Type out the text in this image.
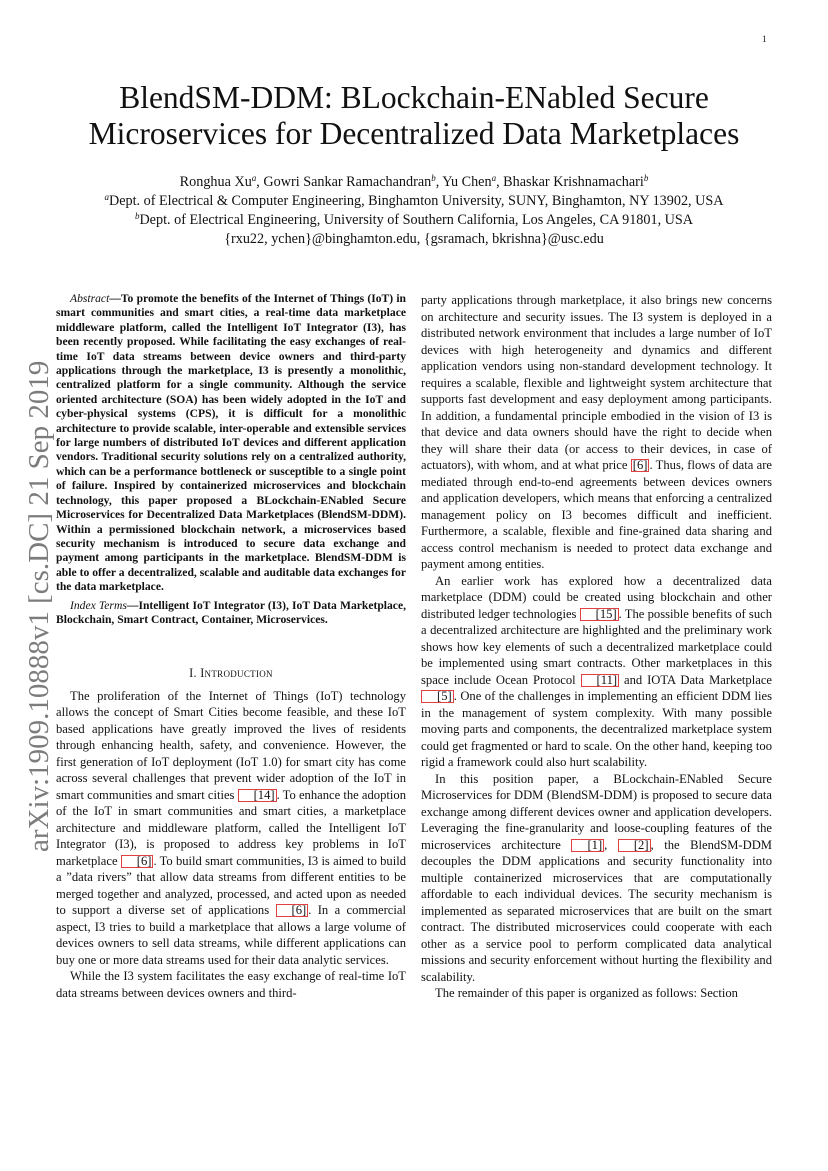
1
arXiv:1909.10888v1 [cs.DC] 21 Sep 2019
BlendSM-DDM: BLockchain-ENabled Secure
Microservices for Decentralized Data Marketplaces
Ronghua Xu$^a$, Gowri Sankar Ramachandran$^b$, Yu Chen$^a$, Bhaskar Krishnamachari$^b$
$^a$Dept. of Electrical & Computer Engineering, Binghamton University, SUNY, Binghamton, NY 13902, USA
$^b$Dept. of Electrical Engineering, University of Southern California, Los Angeles, CA 91801, USA
{rxu22, ychen}@binghamton.edu, {gsramach, bkrishna}@usc.edu

Abstract—To promote the benefits of the Internet of Things (IoT) in smart communities and smart cities, a real-time data marketplace middleware platform, called the Intelligent IoT Integrator (I3), has been recently proposed. While facilitating the easy exchanges of real-time IoT data streams between device owners and third-party applications through the marketplace, I3 is presently a monolithic, centralized platform for a single community. Although the service oriented architecture (SOA) has been widely adopted in the IoT and cyber-physical systems (CPS), it is difficult for a monolithic architecture to provide scalable, inter-operable and extensible services for large numbers of distributed IoT devices and different application vendors. Traditional security solutions rely on a centralized authority, which can be a performance bottleneck or susceptible to a single point of failure. Inspired by containerized microservices and blockchain technology, this paper proposed a BLockchain-ENabled Secure Microservices for Decentralized Data Marketplaces (BlendSM-DDM). Within a permissioned blockchain network, a microservices based security mechanism is introduced to secure data exchange and payment among participants in the marketplace. BlendSM-DDM is able to offer a decentralized, scalable and auditable data exchanges for the data marketplace.

Index Terms—Intelligent IoT Integrator (I3), IoT Data Marketplace, Blockchain, Smart Contract, Container, Microservices.

I. Introduction

The proliferation of the Internet of Things (IoT) technology allows the concept of Smart Cities become feasible, and these IoT based applications have greatly improved the lives of residents through enhancing health, safety, and convenience. However, the first generation of IoT deployment (IoT 1.0) for smart city has come across several challenges that prevent wider adoption of the IoT in smart communities and smart cities [14] . To enhance the adoption of the IoT in smart communities and smart cities, a marketplace architecture and middleware platform, called the Intelligent IoT Integrator (I3), is proposed to address key problems in IoT marketplace [6] . To build smart communities, I3 is aimed to build a ”data rivers” that allow data streams from different entities to be merged together and analyzed, processed, and acted upon as needed to support a diverse set of applications [6] . In a commercial aspect, I3 tries to build a marketplace that allows a large volume of devices owners to sell data streams, while different applications can buy one or more data streams used for their data analytic services.

While the I3 system facilitates the easy exchange of real-time IoT data streams between devices owners and third-

party applications through marketplace, it also brings new concerns on architecture and security issues. The I3 system is deployed in a distributed network environment that includes a large number of IoT devices with high heterogeneity and dynamics and different application vendors using non-standard development technology. It requires a scalable, flexible and lightweight system architecture that supports fast development and easy deployment among participants. In addition, a fundamental principle embodied in the vision of I3 is that device and data owners should have the right to decide when they will share their data (or access to their devices, in case of actuators), with whom, and at what price [6] . Thus, flows of data are mediated through end-to-end agreements between devices owners and application developers, which means that enforcing a centralized management policy on I3 becomes difficult and inefficient. Furthermore, a scalable, flexible and fine-grained data sharing and access control mechanism is needed to protect data exchange and payment among entities.

An earlier work has explored how a decentralized data marketplace (DDM) could be created using blockchain and other distributed ledger technologies [15] . The possible benefits of such a decentralized architecture are highlighted and the preliminary work shows how key elements of such a decentralized marketplace could be implemented using smart contracts. Other marketplaces in this space include Ocean Protocol [11] and IOTA Data Marketplace [5] . One of the challenges in implementing an efficient DDM lies in the management of system complexity. With many possible moving parts and components, the decentralized marketplace system could get fragmented or hard to scale. On the other hand, keeping too rigid a framework could also hurt scalability.

In this position paper, a BLockchain-ENabled Secure Microservices for DDM (BlendSM-DDM) is proposed to secure data exchange among different devices owner and application developers. Leveraging the fine-granularity and loose-coupling features of the microservices architecture [1] , [2] , the BlendSM-DDM decouples the DDM applications and security functionality into multiple containerized microservices that are computationally affordable to each individual devices. The security mechanism is implemented as separated microservices that are built on the smart contract. The distributed microservices could cooperate with each other as a service pool to perform complicated data analytical missions and security enforcement without hurting the flexibility and scalability.

The remainder of this paper is organized as follows: Section
